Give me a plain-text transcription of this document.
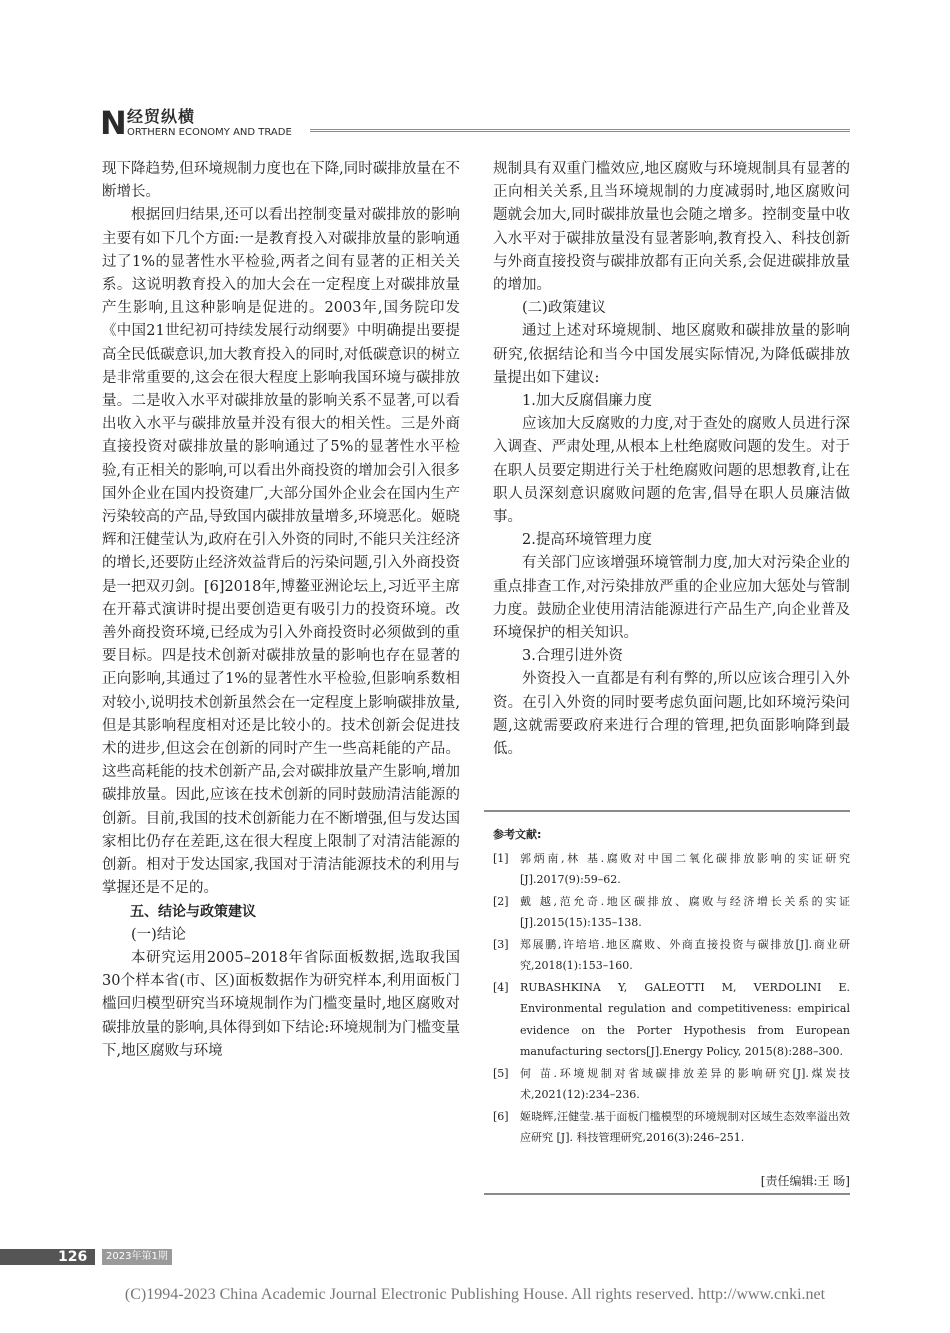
N 经贸纵横
ORTHERN ECONOMY AND TRADE

现下降趋势,但环境规制力度也在下降,同时碳排放量在不断增长。

根据回归结果,还可以看出控制变量对碳排放的影响主要有如下几个方面:一是教育投入对碳排放量的影响通过了1%的显著性水平检验,两者之间有显著的正相关关系。这说明教育投入的加大会在一定程度上对碳排放量产生影响,且这种影响是促进的。2003年,国务院印发《中国21世纪初可持续发展行动纲要》中明确提出要提高全民低碳意识,加大教育投入的同时,对低碳意识的树立是非常重要的,这会在很大程度上影响我国环境与碳排放量。二是收入水平对碳排放量的影响关系不显著,可以看出收入水平与碳排放量并没有很大的相关性。三是外商直接投资对碳排放量的影响通过了5%的显著性水平检验,有正相关的影响,可以看出外商投资的增加会引入很多国外企业在国内投资建厂,大部分国外企业会在国内生产污染较高的产品,导致国内碳排放量增多,环境恶化。姬晓辉和汪健莹认为,政府在引入外资的同时,不能只关注经济的增长,还要防止经济效益背后的污染问题,引入外商投资是一把双刃剑。[6]2018年,博鳌亚洲论坛上,习近平主席在开幕式演讲时提出要创造更有吸引力的投资环境。改善外商投资环境,已经成为引入外商投资时必须做到的重要目标。四是技术创新对碳排放量的影响也存在显著的正向影响,其通过了1%的显著性水平检验,但影响系数相对较小,说明技术创新虽然会在一定程度上影响碳排放量,但是其影响程度相对还是比较小的。技术创新会促进技术的进步,但这会在创新的同时产生一些高耗能的产品。这些高耗能的技术创新产品,会对碳排放量产生影响,增加碳排放量。因此,应该在技术创新的同时鼓励清洁能源的创新。目前,我国的技术创新能力在不断增强,但与发达国家相比仍存在差距,这在很大程度上限制了对清洁能源的创新。相对于发达国家,我国对于清洁能源技术的利用与掌握还是不足的。

五、结论与政策建议

(一)结论

本研究运用2005–2018年省际面板数据,选取我国30个样本省(市、区)面板数据作为研究样本,利用面板门槛回归模型研究当环境规制作为门槛变量时,地区腐败对碳排放量的影响,具体得到如下结论:环境规制为门槛变量下,地区腐败与环境

规制具有双重门槛效应,地区腐败与环境规制具有显著的正向相关关系,且当环境规制的力度减弱时,地区腐败问题就会加大,同时碳排放量也会随之增多。控制变量中收入水平对于碳排放量没有显著影响,教育投入、科技创新与外商直接投资与碳排放都有正向关系,会促进碳排放量的增加。

(二)政策建议

通过上述对环境规制、地区腐败和碳排放量的影响研究,依据结论和当今中国发展实际情况,为降低碳排放量提出如下建议:

1.加大反腐倡廉力度

应该加大反腐败的力度,对于查处的腐败人员进行深入调查、严肃处理,从根本上杜绝腐败问题的发生。对于在职人员要定期进行关于杜绝腐败问题的思想教育,让在职人员深刻意识腐败问题的危害,倡导在职人员廉洁做事。

2.提高环境管理力度

有关部门应该增强环境管制力度,加大对污染企业的重点排查工作,对污染排放严重的企业应加大惩处与管制力度。鼓励企业使用清洁能源进行产品生产,向企业普及环境保护的相关知识。

3.合理引进外资

外资投入一直都是有利有弊的,所以应该合理引入外资。在引入外资的同时要考虑负面问题,比如环境污染问题,这就需要政府来进行合理的管理,把负面影响降到最低。

参考文献:
[1]	郭炳南,林 基.腐败对中国二氧化碳排放影响的实证研究[J].2017(9):59–62.
[2]	戴 越,范允奇.地区碳排放、腐败与经济增长关系的实证[J].2015(15):135–138.
[3]	郑展鹏,许培培.地区腐败、外商直接投资与碳排放[J].商业研究,2018(1):153–160.
[4]	RUBASHKINA Y, GALEOTTI M, VERDOLINI E. Environmental regulation and competitiveness: empirical evidence on the Porter Hypothesis from European manufacturing sectors[J].Energy Policy, 2015(8):288–300.
[5]	何 苗.环境规制对省域碳排放差异的影响研究[J].煤炭技术,2021(12):234–236.
[6]	姬晓辉,汪健莹.基于面板门槛模型的环境规制对区域生态效率溢出效应研究 [J]. 科技管理研究,2016(3):246–251.
[责任编辑:王 旸]
126	2023年第1期
(C)1994-2023 China Academic Journal Electronic Publishing House. All rights reserved. http://www.cnki.net
